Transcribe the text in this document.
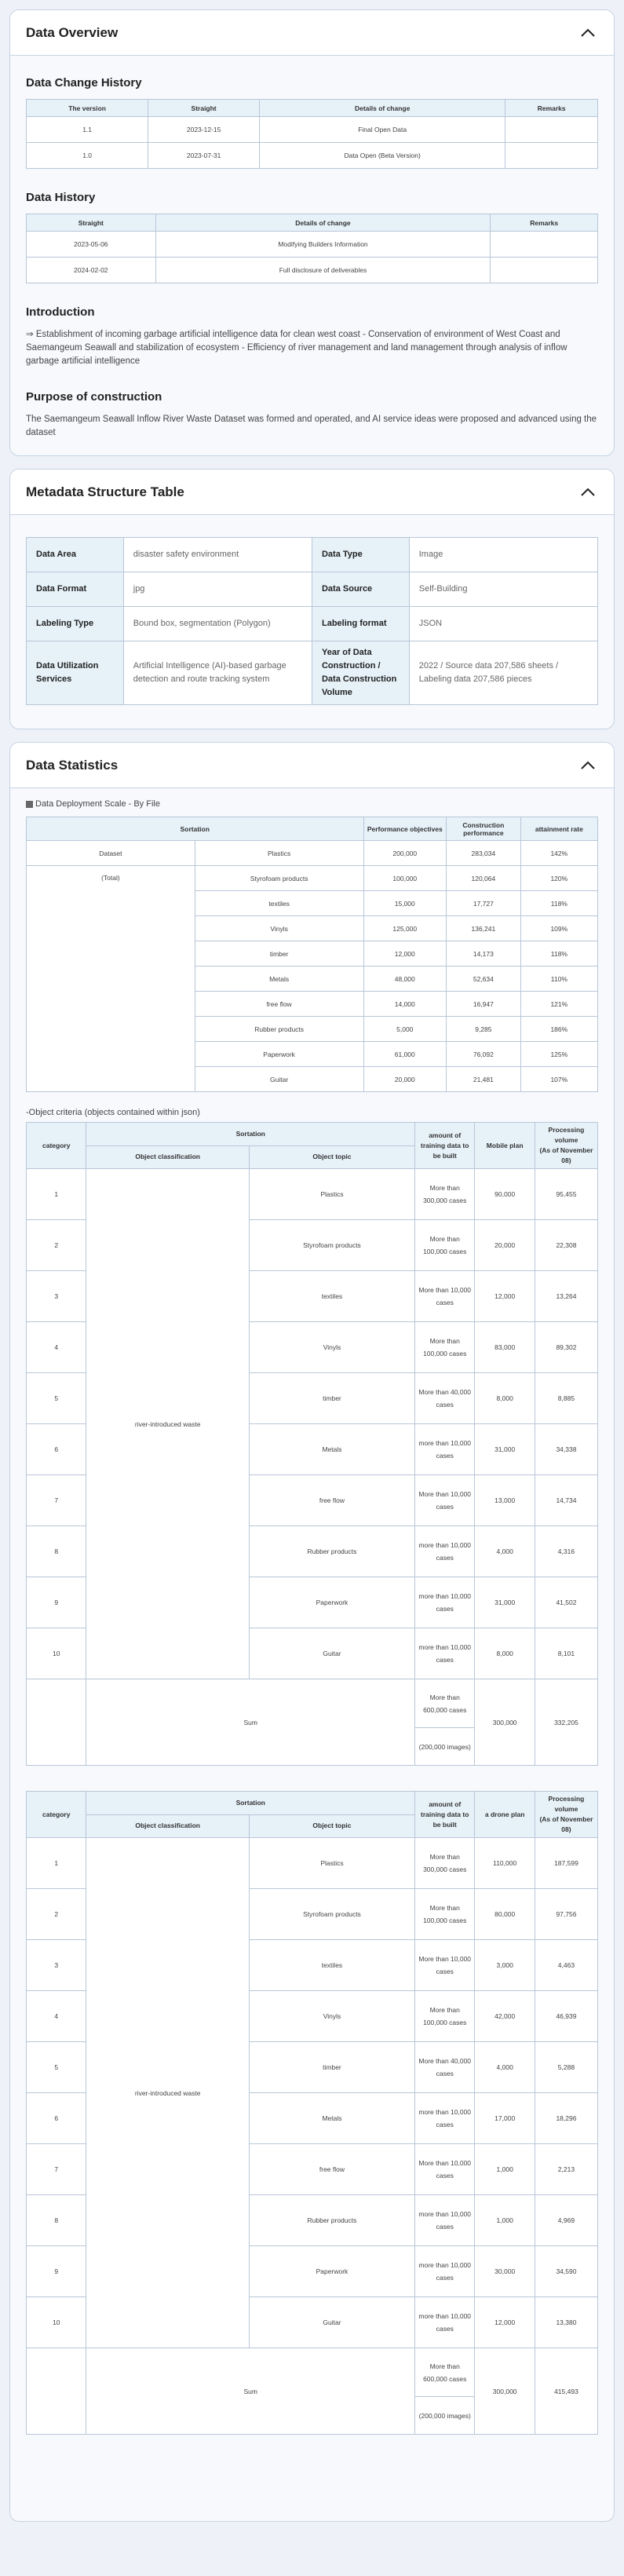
Data Overview
Data Change History
The version	Straight	Details of change	Remarks
1.1	2023-12-15	Final Open Data	
1.0	2023-07-31	Data Open (Beta Version)	
Data History
Straight	Details of change	Remarks
2023-05-06	Modifying Builders Information	
2024-02-02	Full disclosure of deliverables	
Introduction

⇒ Establishment of incoming garbage artificial intelligence data for clean west coast - Conservation of environment of West Coast and Saemangeum Seawall and stabilization of ecosystem - Efficiency of river management and land management through analysis of inflow garbage artificial intelligence

Purpose of construction

The Saemangeum Seawall Inflow River Waste Dataset was formed and operated, and AI service ideas were proposed and advanced using the dataset

Metadata Structure Table
Data Area	disaster safety environment	Data Type	Image
Data Format	jpg	Data Source	Self-Building
Labeling Type	Bound box, segmentation (Polygon)	Labeling format	JSON
Data Utilization Services	Artificial Intelligence (AI)-based garbage detection and route tracking system	Year of Data Construction / Data Construction Volume	2022 / Source data 207,586 sheets / Labeling data 207,586 pieces
Data Statistics
Data Deployment Scale - By File
Sortation		Performance objectives	Construction performance	attainment rate
Dataset	Plastics	200,000	283,034	142%
(Total)	Styrofoam products	100,000	120,064	120%
	textiles	15,000	17,727	118%
	Vinyls	125,000	136,241	109%
	timber	12,000	14,173	118%
	Metals	48,000	52,634	110%
	free flow	14,000	16,947	121%
	Rubber products	5,000	9,285	186%
	Paperwork	61,000	76,092	125%
	Guitar	20,000	21,481	107%
-Object criteria (objects contained within json)
category	Sortation		amount of training data to be built	Mobile plan	Processing volume
(As of November 08)
	Object classification	Object topic			
1	river-introduced waste	Plastics	More than 300,000 cases	90,000	95,455
2		Styrofoam products	More than 100,000 cases	20,000	22,308
3		textiles	More than 10,000 cases	12,000	13,264
4		Vinyls	More than 100,000 cases	83,000	89,302
5		timber	More than 40,000 cases	8,000	8,885
6		Metals	more than 10,000 cases	31,000	34,338
7		free flow	More than 10,000 cases	13,000	14,734
8		Rubber products	more than 10,000 cases	4,000	4,316
9		Paperwork	more than 10,000 cases	31,000	41,502
10		Guitar	more than 10,000 cases	8,000	8,101
	Sum		More than 600,000 cases	300,000	332,205
			(200,000 images)		
category	Sortation		amount of training data to be built	a drone plan	Processing volume
(As of November 08)
	Object classification	Object topic			
1	river-introduced waste	Plastics	More than 300,000 cases	110,000	187,599
2		Styrofoam products	More than 100,000 cases	80,000	97,756
3		textiles	More than 10,000 cases	3,000	4,463
4		Vinyls	More than 100,000 cases	42,000	46,939
5		timber	More than 40,000 cases	4,000	5,288
6		Metals	more than 10,000 cases	17,000	18,296
7		free flow	More than 10,000 cases	1,000	2,213
8		Rubber products	more than 10,000 cases	1,000	4,969
9		Paperwork	more than 10,000 cases	30,000	34,590
10		Guitar	more than 10,000 cases	12,000	13,380
	Sum		More than 600,000 cases	300,000	415,493
			(200,000 images)		
